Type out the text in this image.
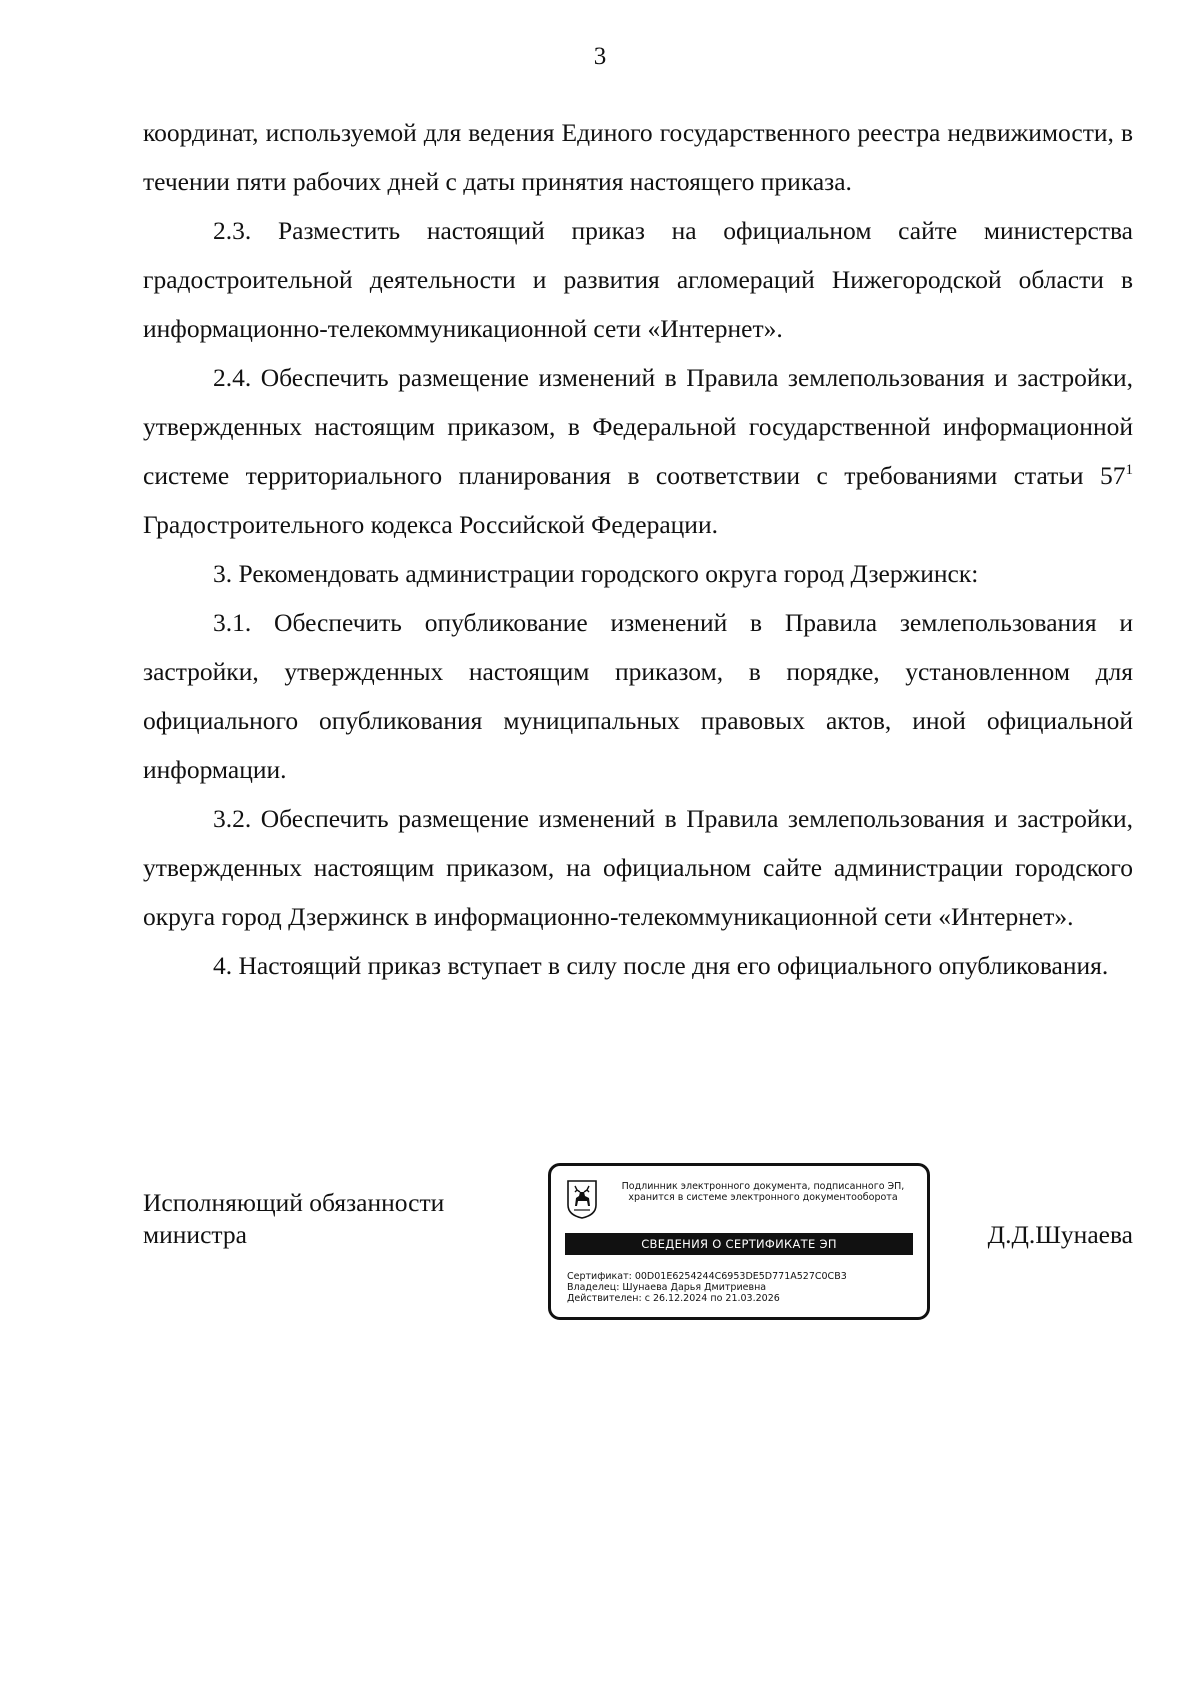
3

координат, используемой для ведения Единого государственного реестра недвижимости, в течении пяти рабочих дней с даты принятия настоящего приказа.

2.3. Разместить настоящий приказ на официальном сайте министерства градостроительной деятельности и развития агломераций Нижегородской области в информационно-телекоммуникационной сети «Интернет».

2.4. Обеспечить размещение изменений в Правила землепользования и застройки, утвержденных настоящим приказом, в Федеральной государственной информационной системе территориального планирования в соответствии с требованиями статьи $57^1$ Градостроительного кодекса Российской Федерации.

3. Рекомендовать администрации городского округа город Дзержинск:

3.1. Обеспечить опубликование изменений в Правила землепользования и застройки, утвержденных настоящим приказом, в порядке, установленном для официального опубликования муниципальных правовых актов, иной официальной информации.

3.2. Обеспечить размещение изменений в Правила землепользования и застройки, утвержденных настоящим приказом, на официальном сайте администрации городского округа город Дзержинск в информационно-телекоммуникационной сети «Интернет».

4. Настоящий приказ вступает в силу после дня его официального опубликования.

Исполняющий обязанности
министра
Подлинник электронного документа, подписанного ЭП,
хранится в системе электронного документооборота
СВЕДЕНИЯ О СЕРТИФИКАТЕ ЭП
Сертификат: 00D01E6254244C6953DE5D771A527C0CB3
Владелец: Шунаева Дарья Дмитриевна
Действителен: с 26.12.2024 по 21.03.2026
Д.Д.Шунаева
